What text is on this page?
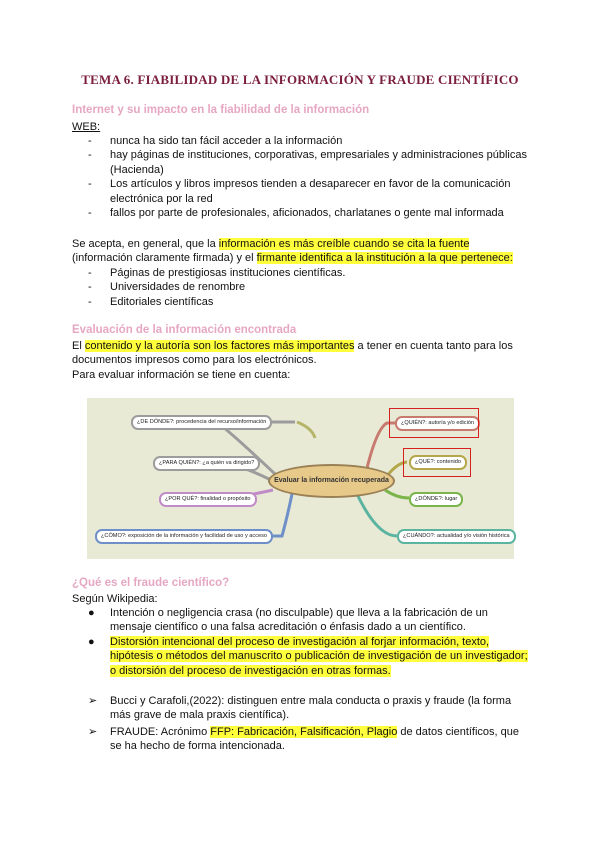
TEMA 6. FIABILIDAD DE LA INFORMACIÓN Y FRAUDE CIENTÍFICO
Internet y su impacto en la fiabilidad de la información
WEB:
- nunca ha sido tan fácil acceder a la información
- hay páginas de instituciones, corporativas, empresariales y administraciones públicas (Hacienda)
- Los artículos y libros impresos tienden a desaparecer en favor de la comunicación electrónica por la red
- fallos por parte de profesionales, aficionados, charlatanes o gente mal informada
Se acepta, en general, que la información es más creíble cuando se cita la fuente
(información claramente firmada) y el firmante identifica a la institución a la que pertenece:
- Páginas de prestigiosas instituciones científicas.
- Universidades de renombre
- Editoriales científicas
Evaluación de la información encontrada
El contenido y la autoría son los factores más importantes a tener en cuenta tanto para los
documentos impresos como para los electrónicos.
Para evaluar información se tiene en cuenta:
Evaluar la información recuperada
¿DE DÓNDE?: procedencia del recurso/información
¿PARA QUIÉN?: ¿a quién va dirigido?
¿POR QUÉ?: finalidad o propósito
¿CÓMO?: exposición de la información y facilidad de uso y acceso
¿QUIÉN?: autoría y/o edición
¿QUÉ?: contenido
¿DÓNDE?: lugar
¿CUÁNDO?: actualidad y/o visión histórica
¿Qué es el fraude científico?
Según Wikipedia:
● Intención o negligencia crasa (no disculpable) que lleva a la fabricación de un mensaje científico o una falsa acreditación o énfasis dado a un científico.
● Distorsión intencional del proceso de investigación al forjar información, texto, hipótesis o métodos del manuscrito o publicación de investigación de un investigador; o distorsión del proceso de investigación en otras formas.
➢ Bucci y Carafoli,(2022): distinguen entre mala conducta o praxis y fraude (la forma más grave de mala praxis científica).
➢ FRAUDE: Acrónimo FFP: Fabricación, Falsificación, Plagio de datos científicos, que se ha hecho de forma intencionada.
